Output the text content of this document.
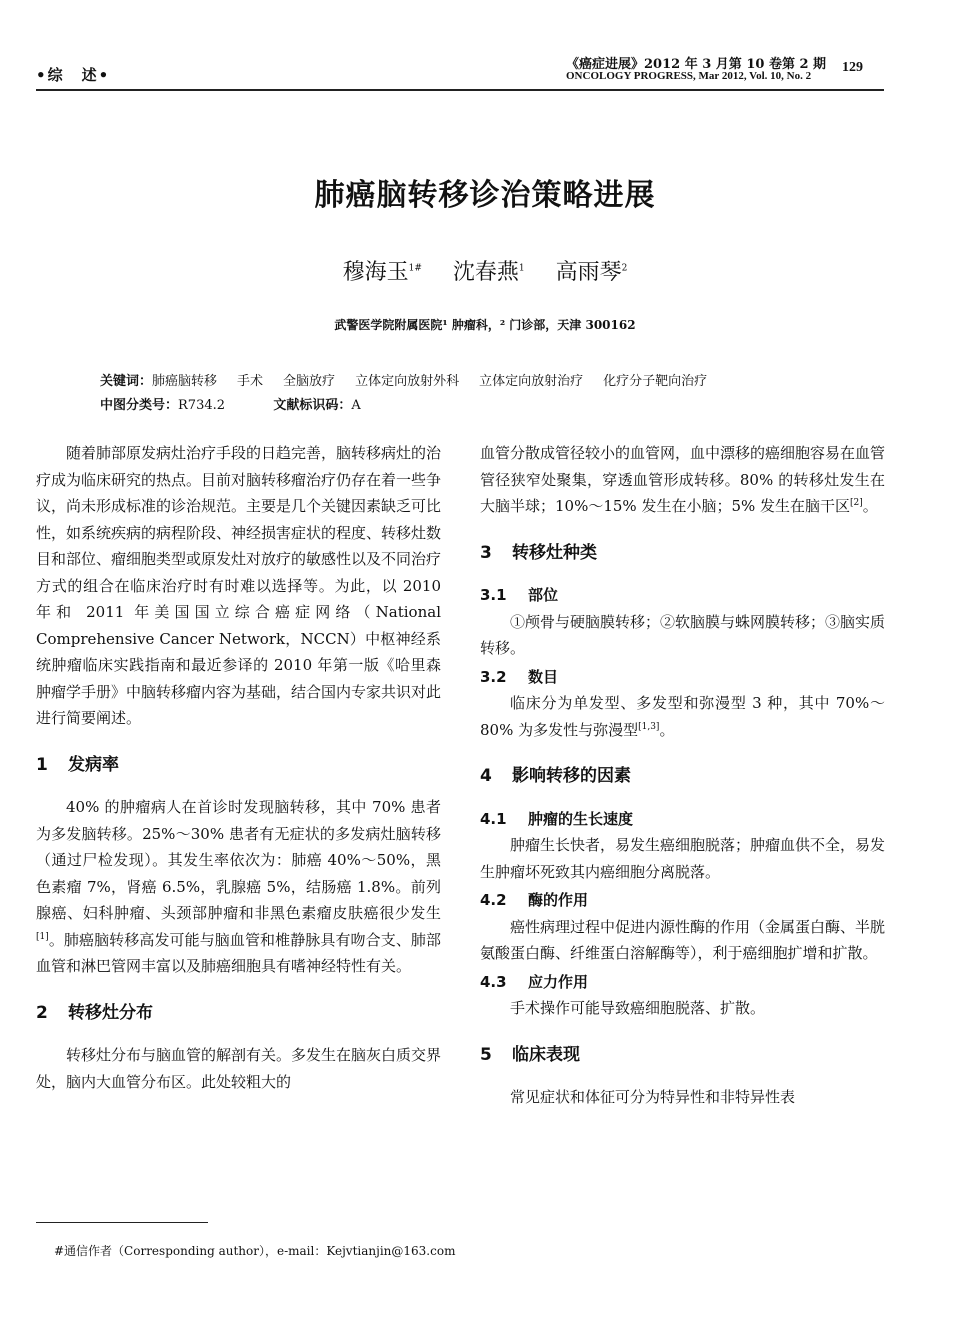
•综　述•
《癌症进展》2012 年 3 月第 10 卷第 2 期
ONCOLOGY PROGRESS, Mar 2012, Vol. 10, No. 2
129
肺癌脑转移诊治策略进展
穆海玉$^{1\#}$ 沈春燕$^1$ 高雨琴$^2$
武警医学院附属医院¹ 肿瘤科，² 门诊部，天津 300162
关键词：肺癌脑转移 手术 全脑放疗 立体定向放射外科 立体定向放射治疗 化疗分子靶向治疗
中图分类号：R734.2	文献标识码：A

随着肺部原发病灶治疗手段的日趋完善，脑转移病灶的治疗成为临床研究的热点。目前对脑转移瘤治疗仍存在着一些争议，尚未形成标准的诊治规范。主要是几个关键因素缺乏可比性，如系统疾病的病程阶段、神经损害症状的程度、转移灶数目和部位、瘤细胞类型或原发灶对放疗的敏感性以及不同治疗方式的组合在临床治疗时有时难以选择等。为此，以 2010 年和 2011 年美国国立综合癌症网络（National Comprehensive Cancer Network，NCCN）中枢神经系统肿瘤临床实践指南和最近参译的 2010 年第一版《哈里森肿瘤学手册》中脑转移瘤内容为基础，结合国内专家共识对此进行简要阐述。

1 发病率

40% 的肿瘤病人在首诊时发现脑转移，其中 70% 患者为多发脑转移。25%～30% 患者有无症状的多发病灶脑转移（通过尸检发现）。其发生率依次为：肺癌 40%～50%，黑色素瘤 7%，肾癌 6.5%，乳腺癌 5%，结肠癌 1.8%。前列腺癌、妇科肿瘤、头颈部肿瘤和非黑色素瘤皮肤癌很少发生[1]。肺癌脑转移高发可能与脑血管和椎静脉具有吻合支、肺部血管和淋巴管网丰富以及肺癌细胞具有嗜神经特性有关。

2 转移灶分布

转移灶分布与脑血管的解剖有关。多发生在脑灰白质交界处，脑内大血管分布区。此处较粗大的

血管分散成管径较小的血管网，血中漂移的癌细胞容易在血管管径狭窄处聚集，穿透血管形成转移。80% 的转移灶发生在大脑半球；10%～15% 发生在小脑；5% 发生在脑干区[2]。

3 转移灶种类
3.1 部位

①颅骨与硬脑膜转移；②软脑膜与蛛网膜转移；③脑实质转移。

3.2 数目

临床分为单发型、多发型和弥漫型 3 种，其中 70%～80% 为多发性与弥漫型[1,3]。

4 影响转移的因素
4.1 肿瘤的生长速度

肿瘤生长快者，易发生癌细胞脱落；肿瘤血供不全，易发生肿瘤坏死致其内癌细胞分离脱落。

4.2 酶的作用

癌性病理过程中促进内源性酶的作用（金属蛋白酶、半胱氨酸蛋白酶、纤维蛋白溶解酶等），利于癌细胞扩增和扩散。

4.3 应力作用

手术操作可能导致癌细胞脱落、扩散。

5 临床表现

常见症状和体征可分为特异性和非特异性表

#通信作者（Corresponding author），e-mail：Kejvtianjin@163.com
